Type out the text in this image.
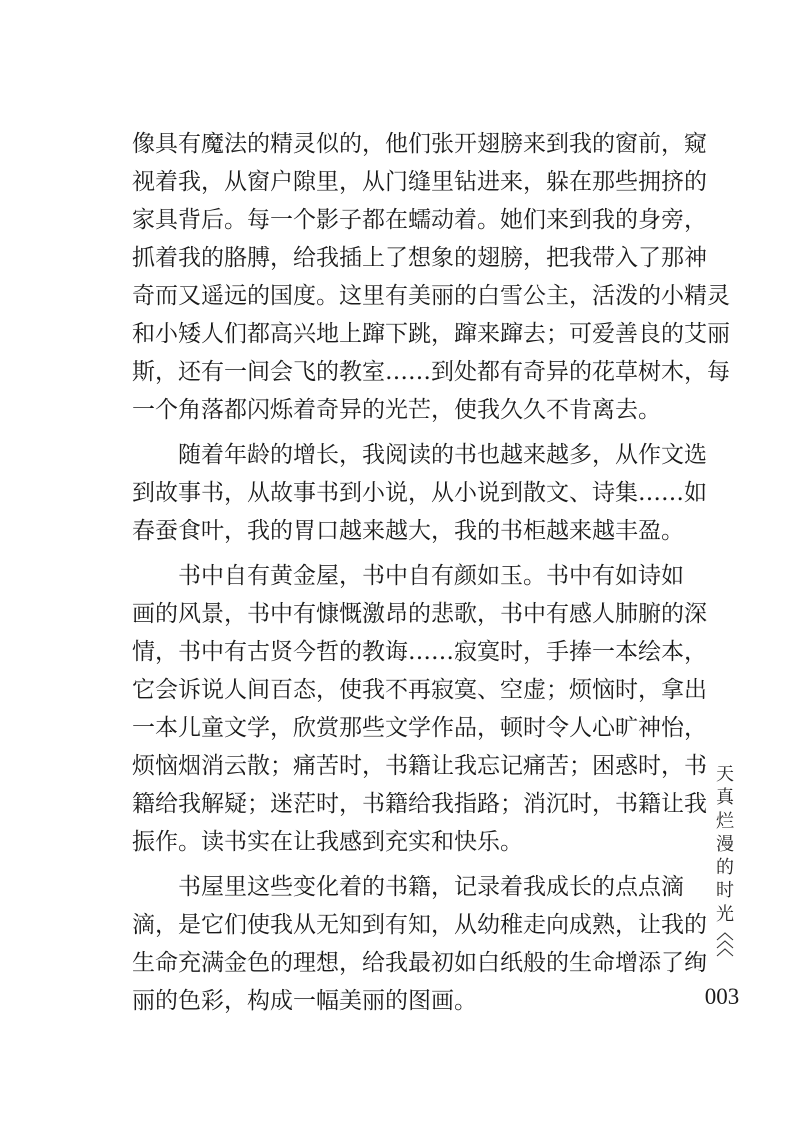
像具有魔法的精灵似的，他们张开翅膀来到我的窗前，窥
视着我，从窗户隙里，从门缝里钻进来，躲在那些拥挤的
家具背后。每一个影子都在蠕动着。她们来到我的身旁，
抓着我的胳膊，给我插上了想象的翅膀，把我带入了那神
奇而又遥远的国度。这里有美丽的白雪公主，活泼的小精灵
和小矮人们都高兴地上蹿下跳，蹿来蹿去；可爱善良的艾丽
斯，还有一间会飞的教室……到处都有奇异的花草树木，每
一个角落都闪烁着奇异的光芒，使我久久不肯离去。
随着年龄的增长，我阅读的书也越来越多，从作文选
到故事书，从故事书到小说，从小说到散文、诗集……如
春蚕食叶，我的胃口越来越大，我的书柜越来越丰盈。
书中自有黄金屋，书中自有颜如玉。书中有如诗如
画的风景，书中有慷慨激昂的悲歌，书中有感人肺腑的深
情，书中有古贤今哲的教诲……寂寞时，手捧一本绘本，
它会诉说人间百态，使我不再寂寞、空虚；烦恼时，拿出
一本儿童文学，欣赏那些文学作品，顿时令人心旷神怡，
烦恼烟消云散；痛苦时，书籍让我忘记痛苦；困惑时，书
籍给我解疑；迷茫时，书籍给我指路；消沉时，书籍让我
振作。读书实在让我感到充实和快乐。
书屋里这些变化着的书籍，记录着我成长的点点滴
滴，是它们使我从无知到有知，从幼稚走向成熟，让我的
生命充满金色的理想，给我最初如白纸般的生命增添了绚
丽的色彩，构成一幅美丽的图画。
天
真
烂
漫
的
时
光
003
